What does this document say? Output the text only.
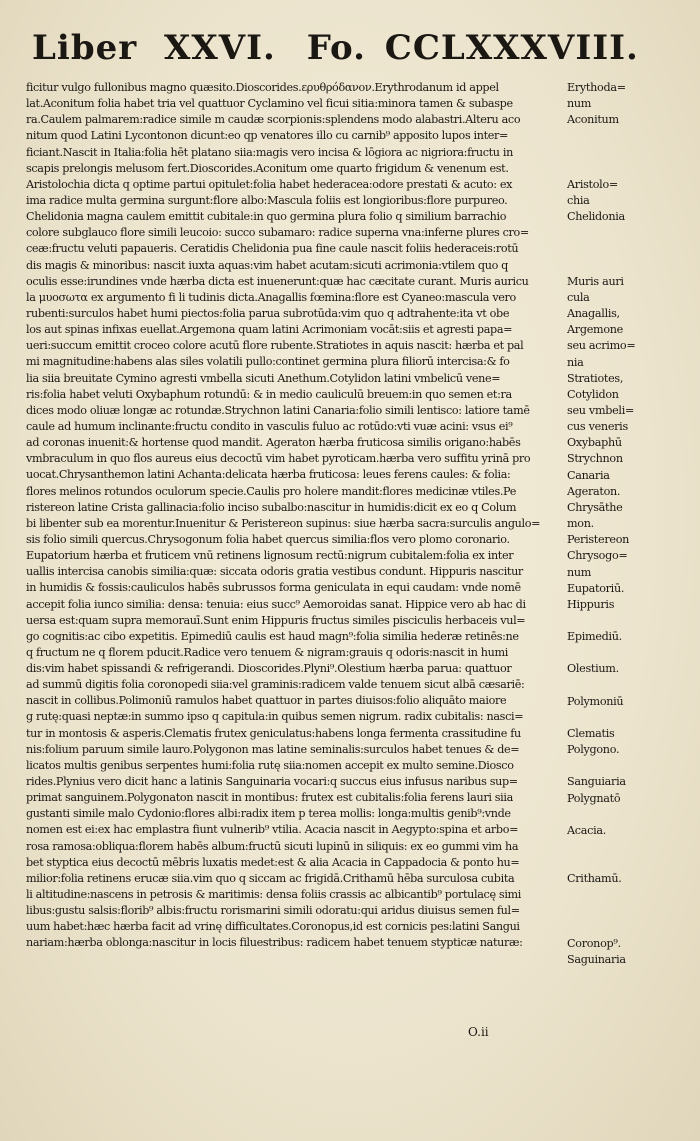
Liber XXVI. Fo. CCLXXXVIII.
ficitur vulgo fullonibus magno quæsito.Dioscorides.ερυθρόδανον.Erythrodanum id appel
lat.Aconitum folia habet tria vel quattuor Cyclamino vel ficui sitia:minora tamen & subaspe
ra.Caulem palmarem:radice simile m caudæ scorpionis:splendens modo alabastri.Alteru aco
nitum quod Latini Lycontonon dicunt:eo qp venatores illo cu carnib⁹ apposito lupos inter=
ficiant.Nascit in Italia:folia hēt platano siia:magis vero incisa & lōgiora ac nigriora:fructu in
scapis prelongis melusom fert.Dioscorides.Aconitum ome quarto frigidum & venenum est.
Aristolochia dicta q optime partui opitulet:folia habet hederacea:odore prestati & acuto: ex
ima radice multa germina surgunt:flore albo:Mascula foliis est longioribus:flore purpureo.
Chelidonia magna caulem emittit cubitale:in quo germina plura folio q similium barrachio
colore subglauco flore simili leucoio: succo subamaro: radice superna vna:inferne plures cro=
ceæ:fructu veluti papaueris. Ceratidis Chelidonia pua fine caule nascit foliis hederaceis:rotū
dis magis & minoribus: nascit iuxta aquas:vim habet acutam:sicuti acrimonia:vtilem quo q
oculis esse:irundines vnde hærba dicta est inuenerunt:quæ hac cæcitate curant. Muris auricu
la μυοσωτα ex argumento fi li tudinis dicta.Anagallis fœmina:flore est Cyaneo:mascula vero
rubenti:surculos habet humi piectos:folia parua subrotūda:vim quo q adtrahente:ita vt obe
los aut spinas infixas euellat.Argemona quam latini Acrimoniam vocāt:siis et agresti papa=
ueri:succum emittit croceo colore acutū flore rubente.Stratiotes in aquis nascit: hærba et pal
mi magnitudine:habens alas siles volatili pullo:continet germina plura filiorū intercisa:& fo
lia siia breuitate Cymino agresti vmbella sicuti Anethum.Cotylidon latini vmbelicū vene=
ris:folia habet veluti Oxybaphum rotundū: & in medio cauliculū breuem:in quo semen et:ra
dices modo oliuæ longæ ac rotundæ.Strychnon latini Canaria:folio simili lentisco: latiore tamē
caule ad humum inclinante:fructu condito in vasculis fuluo ac rotūdo:vti vuæ acini: vsus ei⁹
ad coronas inuenit:& hortense quod mandit. Ageraton hærba fruticosa similis origano:habēs
vmbraculum in quo flos aureus eius decoctū vim habet pyroticam.hærba vero suffitu yrinā pro
uocat.Chrysanthemon latini Achanta:delicata hærba fruticosa: leues ferens caules: & folia:
flores melinos rotundos oculorum specie.Caulis pro holere mandit:flores medicinæ vtiles.Pe
ristereon latine Crista gallinacia:folio inciso subalbo:nascitur in humidis:dicit ex eo q Colum
bi libenter sub ea morentur.Inuenitur & Peristereon supinus: siue hærba sacra:surculis angulo=
sis folio simili quercus.Chrysogonum folia habet quercus similia:flos vero plomo coronario.
Eupatorium hærba et fruticem vnū retinens lignosum rectū:nigrum cubitalem:folia ex inter
uallis intercisa canobis similia:quæ: siccata odoris gratia vestibus condunt. Hippuris nascitur
in humidis & fossis:cauliculos habēs subrussos forma geniculata in equi caudam: vnde nomē
accepit folia iunco similia: densa: tenuia: eius succ⁹ Aemoroidas sanat. Hippice vero ab hac di
uersa est:quam supra memorauī.Sunt enim Hippuris fructus similes pisciculis herbaceis vul=
go cognitis:ac cibo expetitis. Epimediū caulis est haud magn⁹:folia similia hederæ retinēs:ne
q fructum ne q florem pducit.Radice vero tenuem & nigram:grauis q odoris:nascit in humi
dis:vim habet spissandi & refrigerandi. Dioscorides.Plyni⁹.Olestium hærba parua: quattuor
ad summū digitis folia coronopedi siia:vel graminis:radicem valde tenuem sicut albā cæsariē:
nascit in collibus.Polimoniū ramulos habet quattuor in partes diuisos:folio aliquāto maiore
g rutę:quasi neptæ:in summo ipso q capitula:in quibus semen nigrum. radix cubitalis: nasci=
tur in montosis & asperis.Clematis frutex geniculatus:habens longa fermenta crassitudine fu
nis:folium paruum simile lauro.Polygonon mas latine seminalis:surculos habet tenues & de=
licatos multis genibus serpentes humi:folia rutę siia:nomen accepit ex multo semine.Diosco
rides.Plynius vero dicit hanc a latinis Sanguinaria vocari:q succus eius infusus naribus sup=
primat sanguinem.Polygonaton nascit in montibus: frutex est cubitalis:folia ferens lauri siia
gustanti simile malo Cydonio:flores albi:radix item p terea mollis: longa:multis genib⁹:vnde
nomen est ei:ex hac emplastra fiunt vulnerib⁹ vtilia. Acacia nascit in Aegypto:spina et arbo=
rosa ramosa:obliqua:florem habēs album:fructū sicuti lupinū in siliquis: ex eo gummi vim ha
bet styptica eius decoctū mēbris luxatis medet:est & alia Acacia in Cappadocia & ponto hu=
milior:folia retinens erucæ siia.vim quo q siccam ac frigidā.Crithamū hēba surculosa cubita
li altitudine:nascens in petrosis & maritimis: densa foliis crassis ac albicantib⁹ portulacę simi
libus:gustu salsis:florib⁹ albis:fructu rorismarini simili odoratu:qui aridus diuisus semen ful=
uum habet:hæc hærba facit ad vrinę difficultates.Coronopus,id est cornicis pes:latini Sangui
nariam:hærba oblonga:nascitur in locis filuestribus: radicem habet tenuem stypticæ naturæ:
Erythoda=
num
Aconitum
Aristolo=
chia
Chelidonia
Muris auri
cula
Anagallis,
Argemone
seu acrimo=
nia
Stratiotes,
Cotylidon
seu vmbeli=
cus veneris
Oxybaphū
Strychnon
Canaria
Ageraton.
Chrysāthe
mon.
Peristereon
Chrysogo=
num
Eupatoriū.
Hippuris
Epimediū.
Olestium.
Polymoniū
Clematis
Polygono.
Sanguiaria
Polygnatō
Acacia.
Crithamū.
Coronop⁹.
Saguinaria
O.ii
